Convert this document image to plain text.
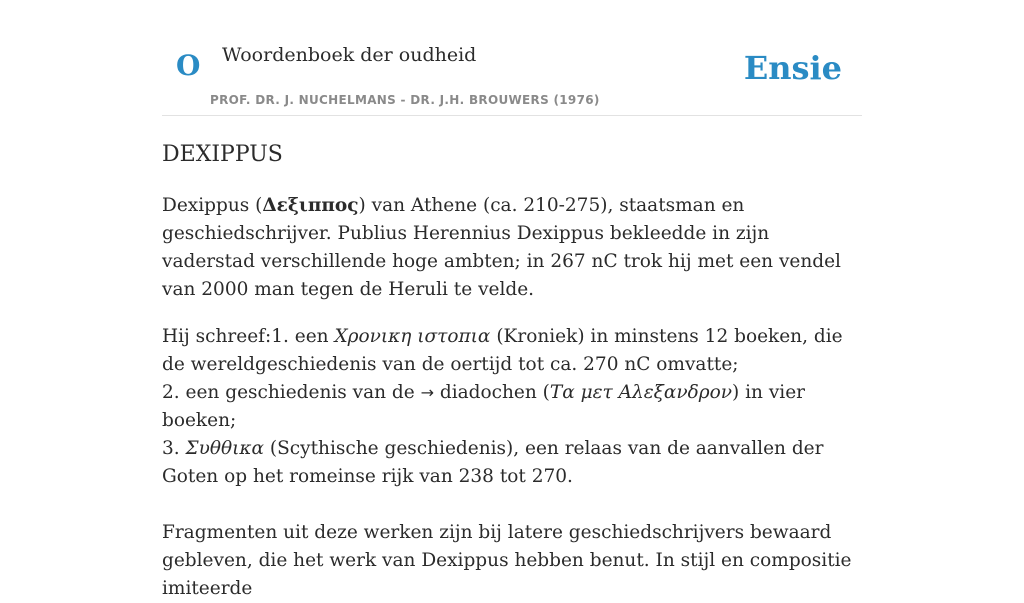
O Woordenboek der oudheid
PROF. DR. J. NUCHELMANS - DR. J.H. BROUWERS (1976)
Ensie
DEXIPPUS

Dexippus (Δεξιππος) van Athene (ca. 210-275), staatsman en geschiedschrijver. Publius Herennius Dexippus bekleedde in zijn vaderstad verschillende hoge ambten; in 267 nC trok hij met een vendel van 2000 man tegen de Heruli te velde.

Hij schreef:1. een Χρονικη ιστοπια (Kroniek) in minstens 12 boeken, die de wereldgeschiedenis van de oertijd tot ca. 270 nC omvatte;

2. een geschiedenis van de → diadochen (Τα μετ Αλεξανδρον) in vier boeken;

3. Συθθικα (Scythische geschiedenis), een relaas van de aanvallen der Goten op het romeinse rijk van 238 tot 270.

Fragmenten uit deze werken zijn bij latere geschiedschrijvers bewaard gebleven, die het werk van Dexippus hebben benut. In stijl en compositie imiteerde
